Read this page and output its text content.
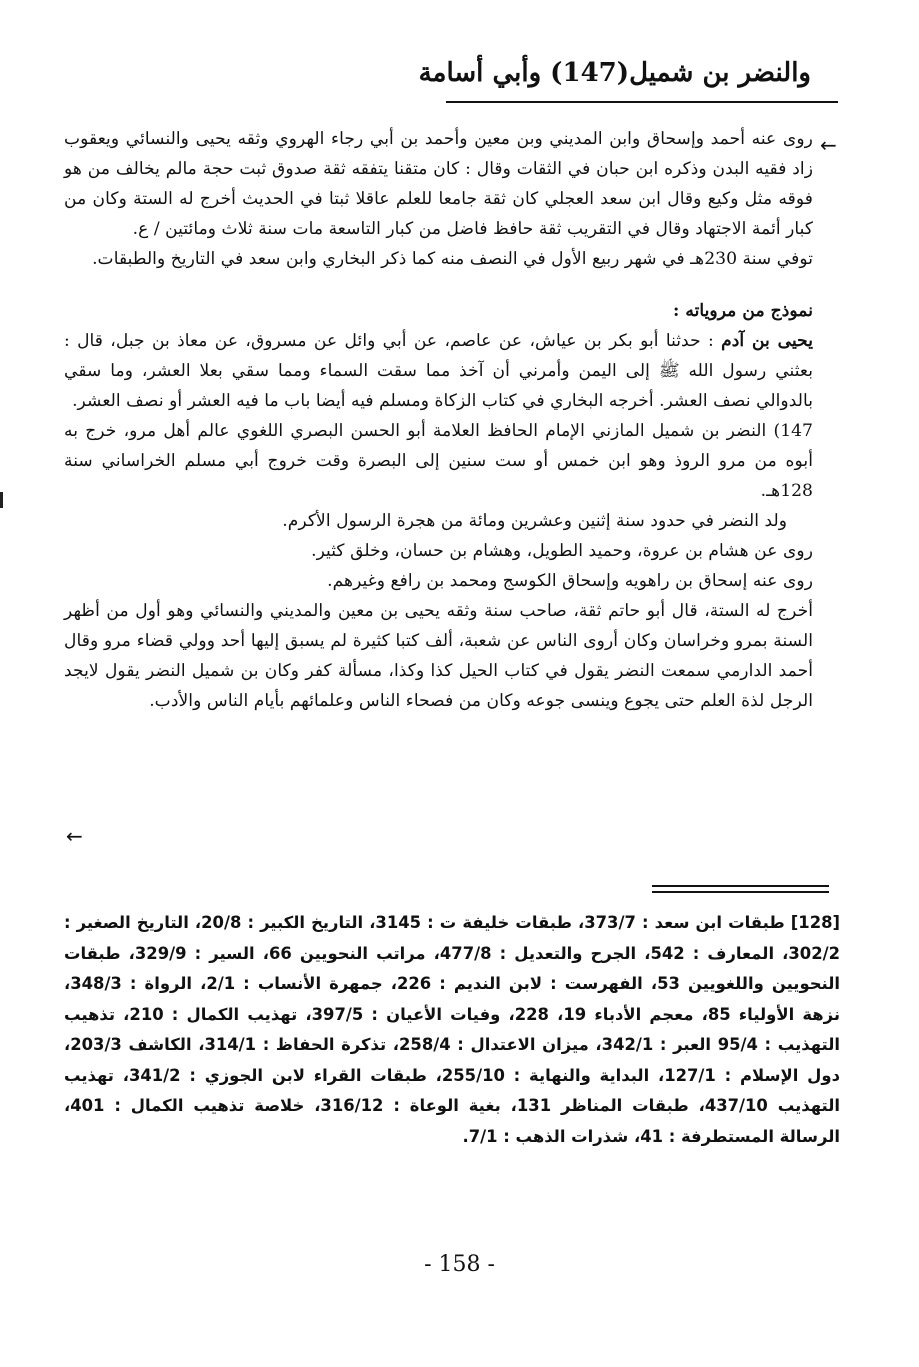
والنضر بن شميل(147) وأبي أسامة
←

روى عنه أحمد وإسحاق وابن المديني وبن معين وأحمد بن أبي رجاء الهروي وثقه يحيى والنسائي ويعقوب زاد فقيه البدن وذكره ابن حبان في الثقات وقال : كان متقنا يتفقه ثقة صدوق ثبت حجة مالم يخالف من هو فوقه مثل وكيع وقال ابن سعد العجلي كان ثقة جامعا للعلم عاقلا ثبتا في الحديث أخرج له الستة وكان من كبار أئمة الاجتهاد وقال في التقريب ثقة حافظ فاضل من كبار التاسعة مات سنة ثلاث ومائتين / ع.

توفي سنة 230هـ في شهر ربيع الأول في النصف منه كما ذكر البخاري وابن سعد في التاريخ والطبقات.

نموذج من مروياته :

يحيى بن آدم : حدثنا أبو بكر بن عياش، عن عاصم، عن أبي وائل عن مسروق، عن معاذ بن جبل، قال : بعثني رسول الله ﷺ إلى اليمن وأمرني أن آخذ مما سقت السماء ومما سقي بعلا العشر، وما سقي بالدوالي نصف العشر. أخرجه البخاري في كتاب الزكاة ومسلم فيه أيضا باب ما فيه العشر أو نصف العشر.

147) النضر بن شميل المازني الإمام الحافظ العلامة أبو الحسن البصري اللغوي عالم أهل مرو، خرج به أبوه من مرو الروذ وهو ابن خمس أو ست سنين إلى البصرة وقت خروج أبي مسلم الخراساني سنة 128هـ.

ولد النضر في حدود سنة إثنين وعشرين ومائة من هجرة الرسول الأكرم.

روى عن هشام بن عروة، وحميد الطويل، وهشام بن حسان، وخلق كثير.

روى عنه إسحاق بن راهويه وإسحاق الكوسج ومحمد بن رافع وغيرهم.

أخرج له الستة، قال أبو حاتم ثقة، صاحب سنة وثقه يحيى بن معين والمديني والنسائي وهو أول من أظهر السنة بمرو وخراسان وكان أروى الناس عن شعبة، ألف كتبا كثيرة لم يسبق إليها أحد وولي قضاء مرو وقال أحمد الدارمي سمعت النضر يقول في كتاب الحيل كذا وكذا، مسألة كفر وكان بن شميل النضر يقول لايجد الرجل لذة العلم حتى يجوع وينسى جوعه وكان من فصحاء الناس وعلمائهم بأيام الناس والأدب.

←

[128] طبقات ابن سعد : 373/7، طبقات خليفة ت : 3145، التاريخ الكبير : 20/8، التاريخ الصغير : 302/2، المعارف : 542، الجرح والتعديل : 477/8، مراتب النحويين 66، السير : 329/9، طبقات النحويين واللغويين 53، الفهرست : لابن النديم : 226، جمهرة الأنساب : 2/1، الرواة : 348/3، نزهة الأولياء 85، معجم الأدباء 19، 228، وفيات الأعيان : 397/5، تهذيب الكمال : 210، تذهيب التهذيب : 95/4 العبر : 342/1، ميزان الاعتدال : 258/4، تذكرة الحفاظ : 314/1، الكاشف 203/3، دول الإسلام : 127/1، البداية والنهاية : 255/10، طبقات القراء لابن الجوزي : 341/2، تهذيب التهذيب 437/10، طبقات المناظر 131، بغية الوعاة : 316/12، خلاصة تذهيب الكمال : 401، الرسالة المستطرفة : 41، شذرات الذهب : 7/1.

- 158 -
